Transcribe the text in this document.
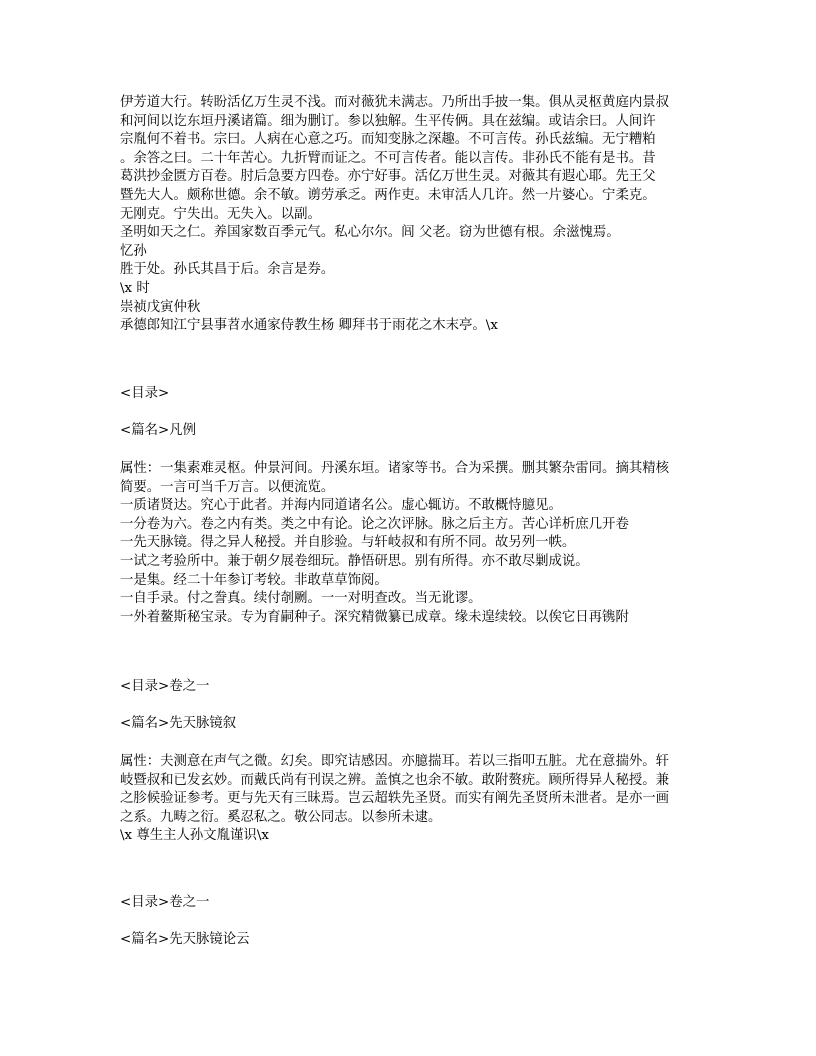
伊芳道大行。转盼活亿万生灵不浅。而对薇犹未满志。乃所出手披一集。俱从灵枢黄庭内景叔
和河间以讫东垣丹溪诸篇。细为删订。参以独解。生平传俩。具在兹编。或诘余曰。人间许
宗胤何不着书。宗曰。人病在心意之巧。而知变脉之深趣。不可言传。孙氏兹编。无宁糟粕
。余答之曰。二十年苦心。九折臂而证之。不可言传者。能以言传。非孙氏不能有是书。昔
葛洪抄金匮方百卷。肘后急要方四卷。亦宁好事。活亿万世生灵。对薇其有遐心耶。先王父
暨先大人。颇称世德。余不敏。谫劳承乏。两作吏。未审活人几许。然一片婆心。宁柔克。
无刚克。宁失出。无失入。以副。
圣明如天之仁。养国家数百季元气。私心尔尔。闾 父老。窃为世德有根。余滋愧焉。
忆孙
胜于处。孙氏其昌于后。余言是券。
\x 时
崇祯戊寅仲秋
承德郎知江宁县事苕水通家侍教生杨 卿拜书于雨花之木末亭。\x
<目录>
<篇名>凡例
属性：一集素难灵枢。仲景河间。丹溪东垣。诸家等书。合为采撰。删其繁杂雷同。摘其精核
简要。一言可当千万言。以便流览。
一质诸贤达。究心于此者。并海内同道诸名公。虚心辄访。不敢概恃臆见。
一分卷为六。卷之内有类。类之中有论。论之次评脉。脉之后主方。苦心详析庶几开卷
一先天脉镜。得之异人秘授。并自胗验。与轩岐叔和有所不同。故另列一帙。
一试之考验所中。兼于朝夕展卷细玩。静悟研思。别有所得。亦不敢尽剿成说。
一是集。经二十年参订考较。非敢草草饰阅。
一自手录。付之誊真。续付剞劂。一一对明查改。当无讹谬。
一外着鳌斯秘宝录。专为育嗣种子。深究精微纂已成章。缘未遑续较。以俟它日再镌附
<目录>卷之一
<篇名>先天脉镜叙
属性：夫测意在声气之微。幻矣。即究诘感因。亦臆揣耳。若以三指叩五脏。尤在意揣外。轩
岐暨叔和已发玄妙。而戴氏尚有刊误之辨。盖慎之也余不敏。敢附赘疣。顾所得异人秘授。兼
之胗候验证参考。更与先天有三昧焉。岂云超轶先圣贤。而实有阐先圣贤所未泄者。是亦一画
之系。九畴之衍。奚忍私之。敬公同志。以参所未逮。
\x 尊生主人孙文胤谨识\x
<目录>卷之一
<篇名>先天脉镜论云
